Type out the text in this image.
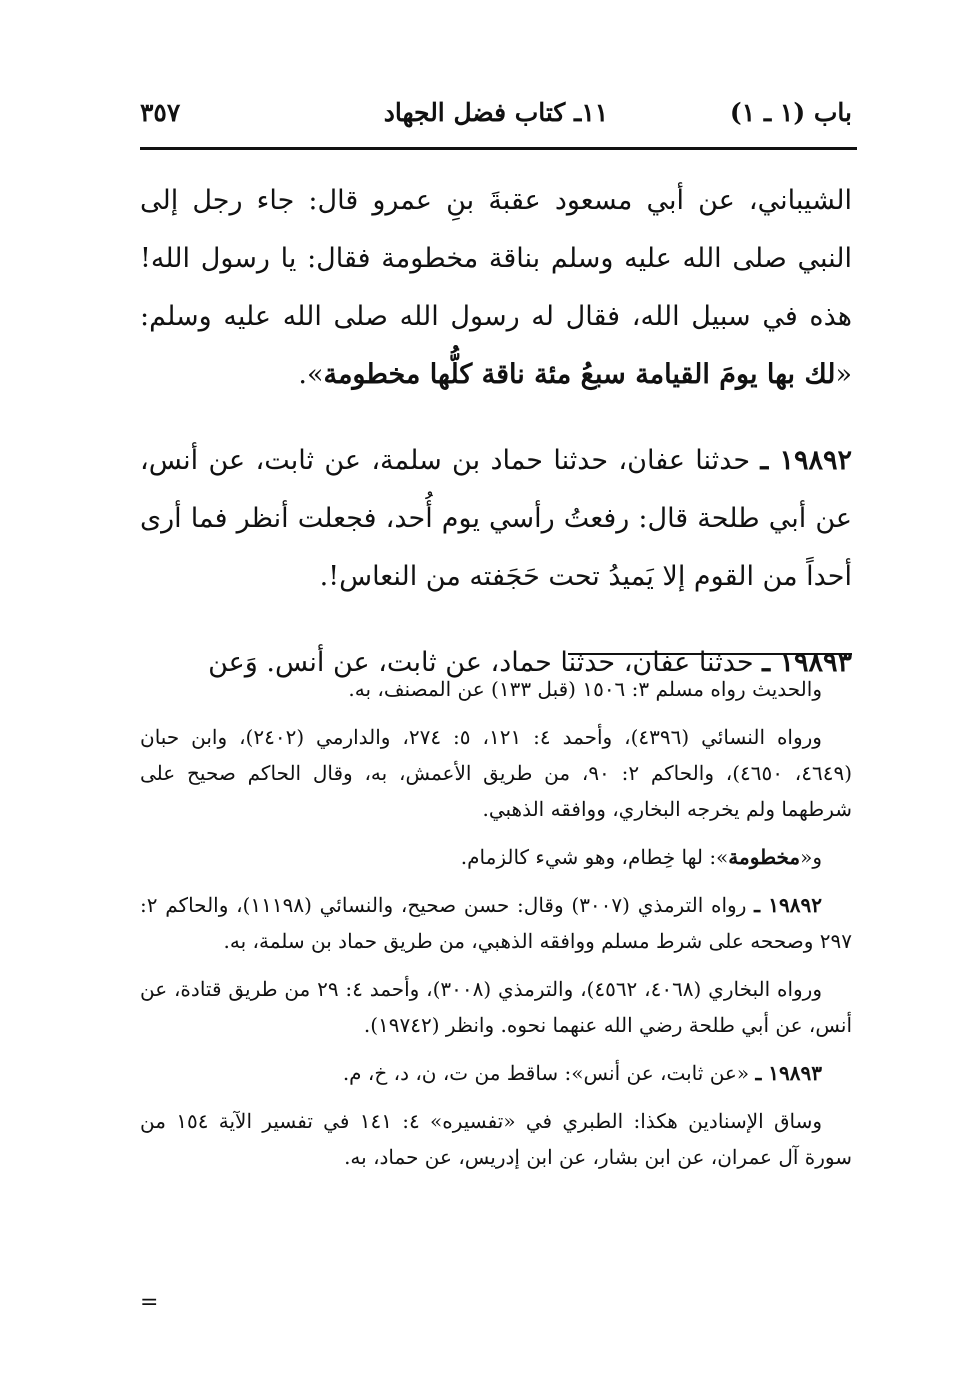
باب (١ ـ ١)
١١ـ كتاب فضل الجهاد
٣٥٧

الشيباني، عن أبي مسعود عقبةَ بنِ عمرو قال: جاء رجل إلى النبي صلى الله عليه وسلم بناقة مخطومة فقال: يا رسول الله! هذه في سبيل الله، فقال له رسول الله صلى الله عليه وسلم: «لك بها يومَ القيامة سبعُ مئة ناقة كلُّها مخطومة».

١٩٨٩٢ ـ حدثنا عفان، حدثنا حماد بن سلمة، عن ثابت، عن أنس، عن أبي طلحة قال: رفعتُ رأسي يوم أُحد، فجعلت أنظر فما أرى أحداً من القوم إلا يَميدُ تحت حَجَفته من النعاس!.

١٩٨٩٣ ـ حدثنا عفان، حدثنا حماد، عن ثابت، عن أنس. وَعن

والحديث رواه مسلم ٣: ١٥٠٦ (قبل ١٣٣) عن المصنف، به.

ورواه النسائي (٤٣٩٦)، وأحمد ٤: ١٢١، ٥: ٢٧٤، والدارمي (٢٤٠٢)، وابن حبان (٤٦٤٩، ٤٦٥٠)، والحاكم ٢: ٩٠، من طريق الأعمش، به، وقال الحاكم صحيح على شرطهما ولم يخرجه البخاري، ووافقه الذهبي.

و«مخطومة»: لها خِطام، وهو شيء كالزمام.

١٩٨٩٢ ـ رواه الترمذي (٣٠٠٧) وقال: حسن صحيح، والنسائي (١١١٩٨)، والحاكم ٢: ٢٩٧ وصححه على شرط مسلم ووافقه الذهبي، من طريق حماد بن سلمة، به.

ورواه البخاري (٤٠٦٨، ٤٥٦٢)، والترمذي (٣٠٠٨)، وأحمد ٤: ٢٩ من طريق قتادة، عن أنس، عن أبي طلحة رضي الله عنهما نحوه. وانظر (١٩٧٤٢).

١٩٨٩٣ ـ «عن ثابت، عن أنس»: ساقط من ت، ن، د، خ، م.

وساق الإسنادين هكذا: الطبري في «تفسيره» ٤: ١٤١ في تفسير الآية ١٥٤ من سورة آل عمران، عن ابن بشار، عن ابن إدريس، عن حماد، به.

=
